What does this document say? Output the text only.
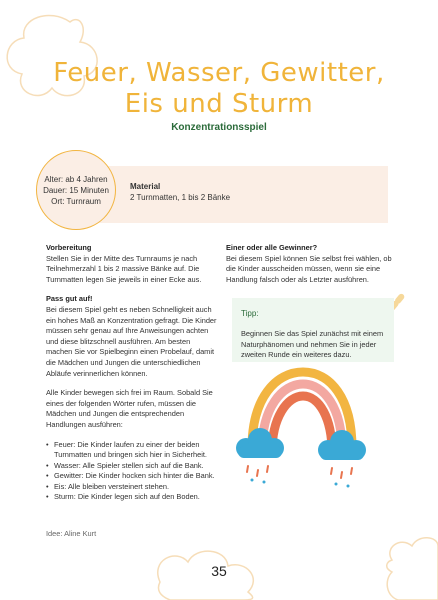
Feuer, Wasser, Gewitter,
Eis und Sturm
Konzentrationsspiel
Alter: ab 4 Jahren
Dauer: 15 Minuten
Ort: Turnraum
Material
2 Turnmatten, 1 bis 2 Bänke
Vorbereitung

Stellen Sie in der Mitte des Turnraums je nach Teilnehmerzahl 1 bis 2 massive Bänke auf. Die Turnmatten legen Sie jeweils in einer Ecke aus.

Pass gut auf!

Bei diesem Spiel geht es neben Schnelligkeit auch ein hohes Maß an Konzentration gefragt. Die Kinder müssen sehr genau auf Ihre Anweisungen achten und diese blitzschnell ausführen. Am besten machen Sie vor Spielbeginn einen Probelauf, damit die Mädchen und Jungen die unterschiedlichen Abläufe verinnerlichen können.

Alle Kinder bewegen sich frei im Raum. Sobald Sie eines der folgenden Wörter rufen, müssen die Mädchen und Jungen die entsprechenden Handlungen ausführen:

• Feuer: Die Kinder laufen zu einer der beiden Turnmatten und bringen sich hier in Sicherheit.
• Wasser: Alle Spieler stellen sich auf die Bank.
• Gewitter: Die Kinder hocken sich hinter die Bank.
• Eis: Alle bleiben versteinert stehen.
• Sturm: Die Kinder legen sich auf den Boden.
Idee: Aline Kurt
Einer oder alle Gewinner?

Bei diesem Spiel können Sie selbst frei wählen, ob die Kinder ausscheiden müssen, wenn sie eine Handlung falsch oder als Letzter ausführen.

Tipp:
Beginnen Sie das Spiel zunächst mit einem Naturphänomen und nehmen Sie in jeder zweiten Runde ein weiteres dazu.
35
